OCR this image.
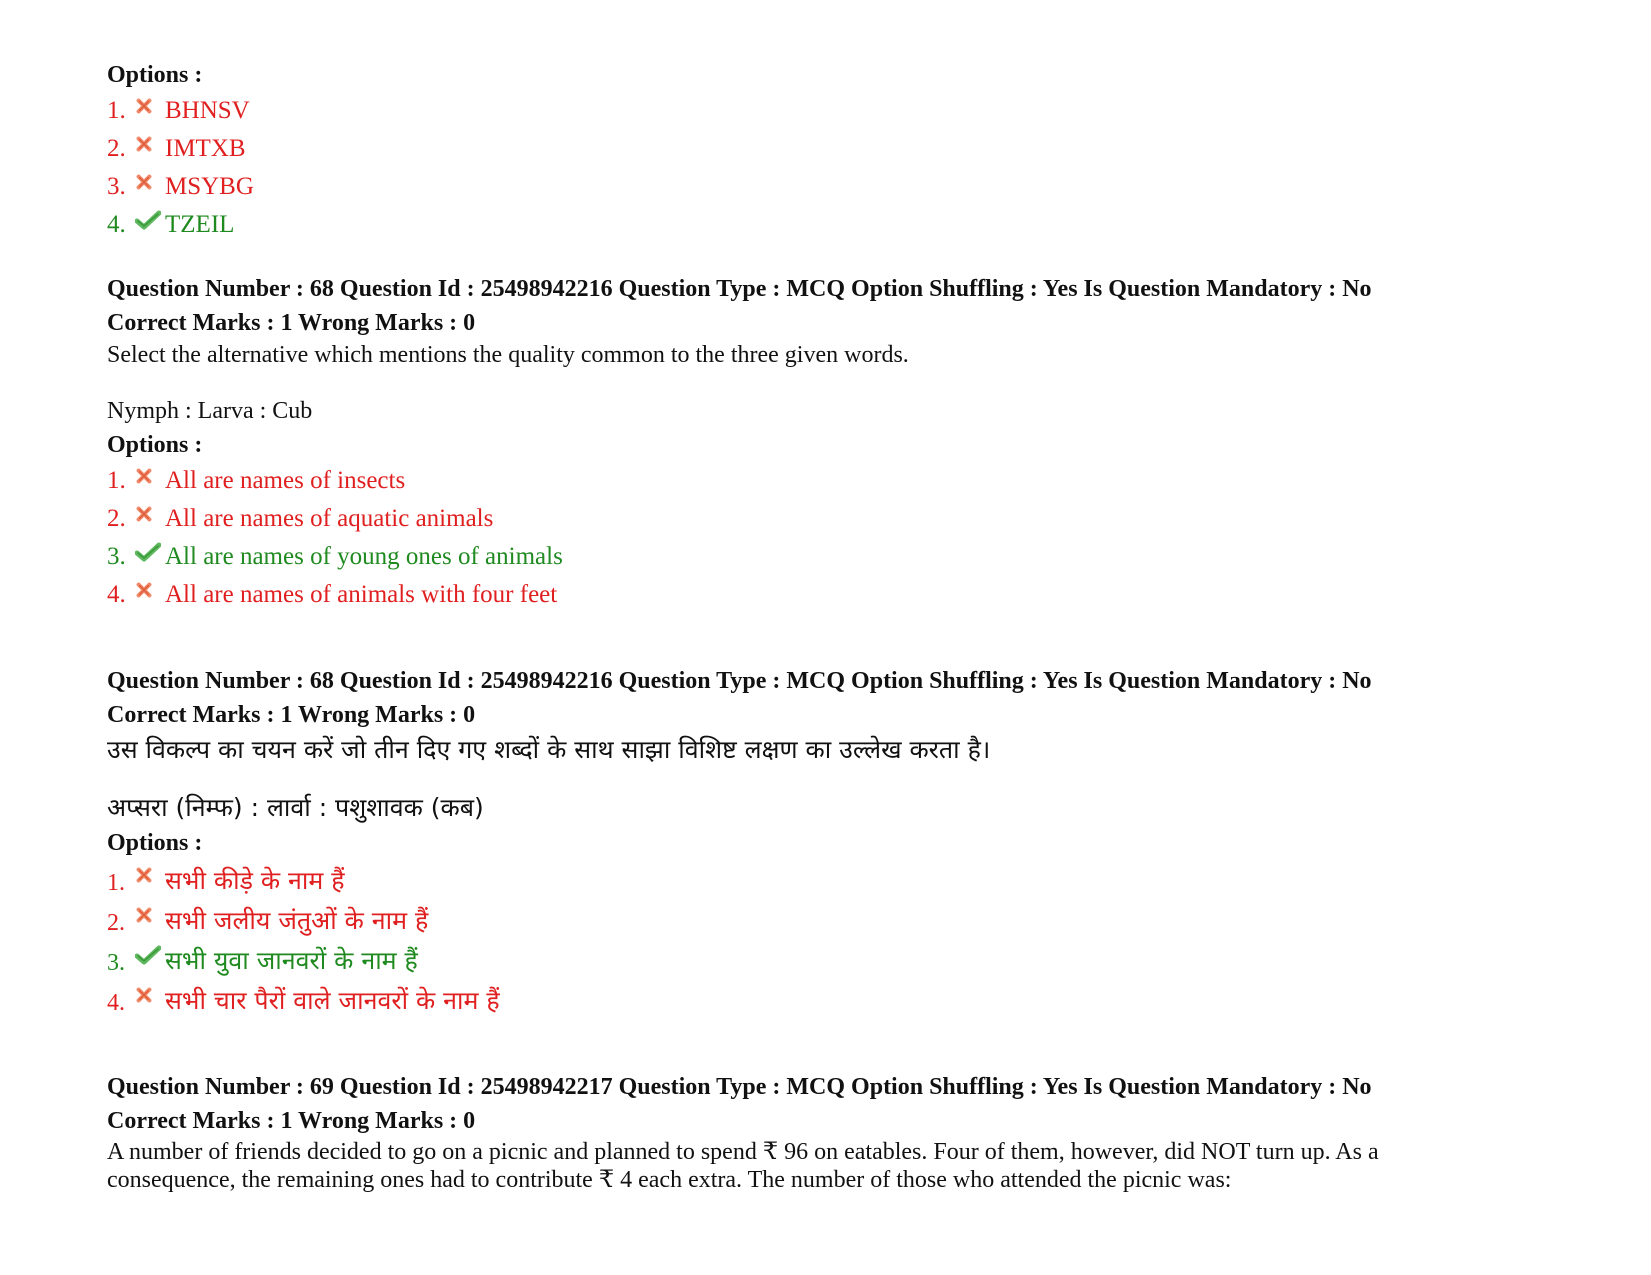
Options :
1.	BHNSV
2.	IMTXB
3.	MSYBG
4.	TZEIL
Question Number : 68 Question Id : 25498942216 Question Type : MCQ Option Shuffling : Yes Is Question Mandatory : No
Correct Marks : 1 Wrong Marks : 0
Select the alternative which mentions the quality common to the three given words.
Nymph : Larva : Cub
Options :
1.	All are names of insects
2.	All are names of aquatic animals
3.	All are names of young ones of animals
4.	All are names of animals with four feet
Question Number : 68 Question Id : 25498942216 Question Type : MCQ Option Shuffling : Yes Is Question Mandatory : No
Correct Marks : 1 Wrong Marks : 0
उस विकल्प का चयन करें जो तीन दिए गए शब्दों के साथ साझा विशिष्ट लक्षण का उल्लेख करता है।
अप्सरा (निम्फ) : लार्वा : पशुशावक (कब)
Options :
1.	सभी कीड़े के नाम हैं
2.	सभी जलीय जंतुओं के नाम हैं
3.	सभी युवा जानवरों के नाम हैं
4.	सभी चार पैरों वाले जानवरों के नाम हैं
Question Number : 69 Question Id : 25498942217 Question Type : MCQ Option Shuffling : Yes Is Question Mandatory : No
Correct Marks : 1 Wrong Marks : 0
A number of friends decided to go on a picnic and planned to spend ₹ 96 on eatables. Four of them, however, did NOT turn up. As a
consequence, the remaining ones had to contribute ₹ 4 each extra. The number of those who attended the picnic was:
